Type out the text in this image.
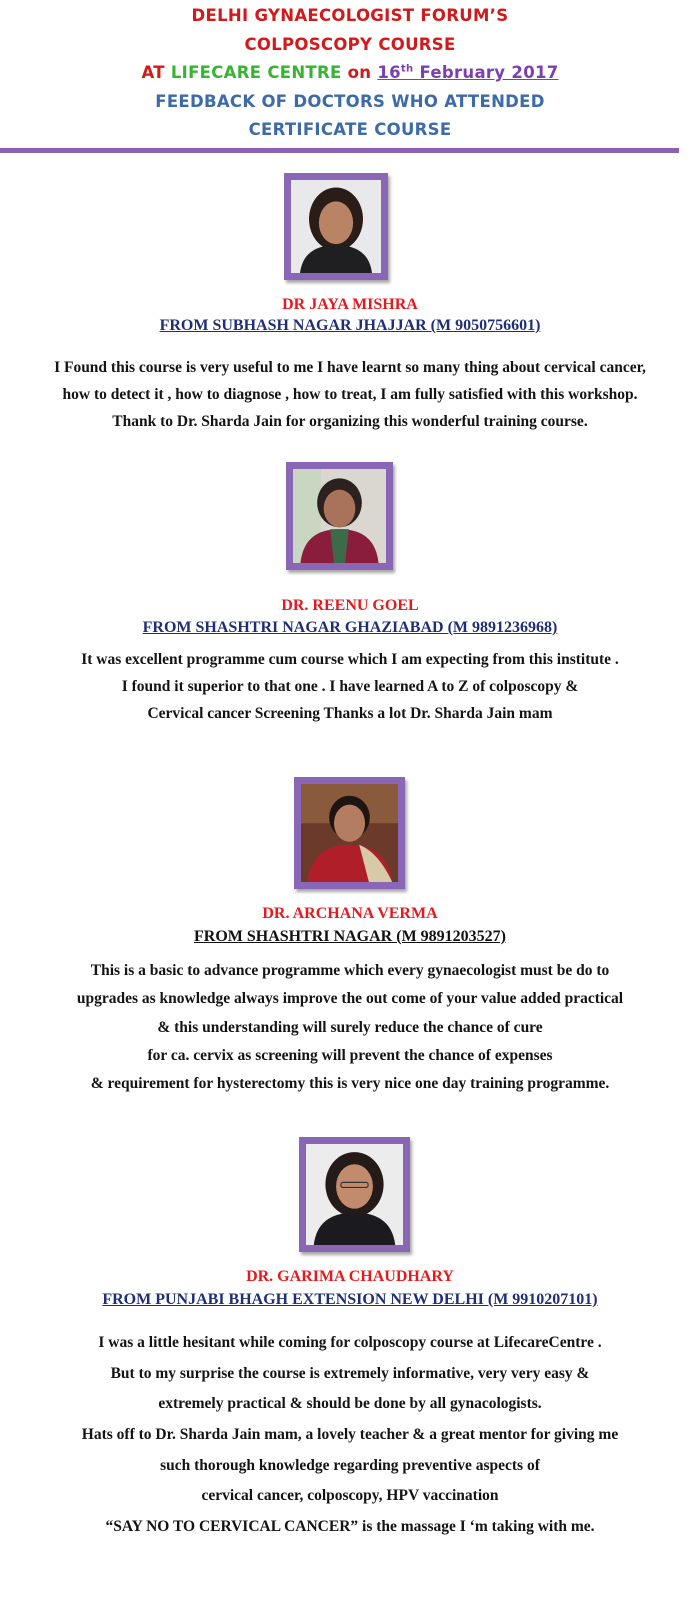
DELHI GYNAECOLOGIST FORUM’S
COLPOSCOPY COURSE
AT LIFECARE CENTRE on 16th February 2017
FEEDBACK OF DOCTORS WHO ATTENDED
CERTIFICATE COURSE
DR JAYA MISHRA
FROM SUBHASH NAGAR JHAJJAR (M 9050756601)
I Found this course is very useful to me I have learnt so many thing about cervical cancer,
how to detect it , how to diagnose , how to treat, I am fully satisfied with this workshop.
Thank to Dr. Sharda Jain for organizing this wonderful training course.
DR. REENU GOEL
FROM SHASHTRI NAGAR GHAZIABAD (M 9891236968)
It was excellent programme cum course which I am expecting from this institute .
I found it superior to that one . I have learned A to Z of colposcopy &
Cervical cancer Screening Thanks a lot Dr. Sharda Jain mam
DR. ARCHANA VERMA
FROM SHASHTRI NAGAR (M 9891203527)
This is a basic to advance programme which every gynaecologist must be do to
upgrades as knowledge always improve the out come of your value added practical
& this understanding will surely reduce the chance of cure
for ca. cervix as screening will prevent the chance of expenses
& requirement for hysterectomy this is very nice one day training programme.
DR. GARIMA CHAUDHARY
FROM PUNJABI BHAGH EXTENSION NEW DELHI (M 9910207101)
I was a little hesitant while coming for colposcopy course at LifecareCentre .
But to my surprise the course is extremely informative, very very easy &
extremely practical & should be done by all gynacologists.
Hats off to Dr. Sharda Jain mam, a lovely teacher & a great mentor for giving me
such thorough knowledge regarding preventive aspects of
cervical cancer, colposcopy, HPV vaccination
“SAY NO TO CERVICAL CANCER” is the massage I ‘m taking with me.
